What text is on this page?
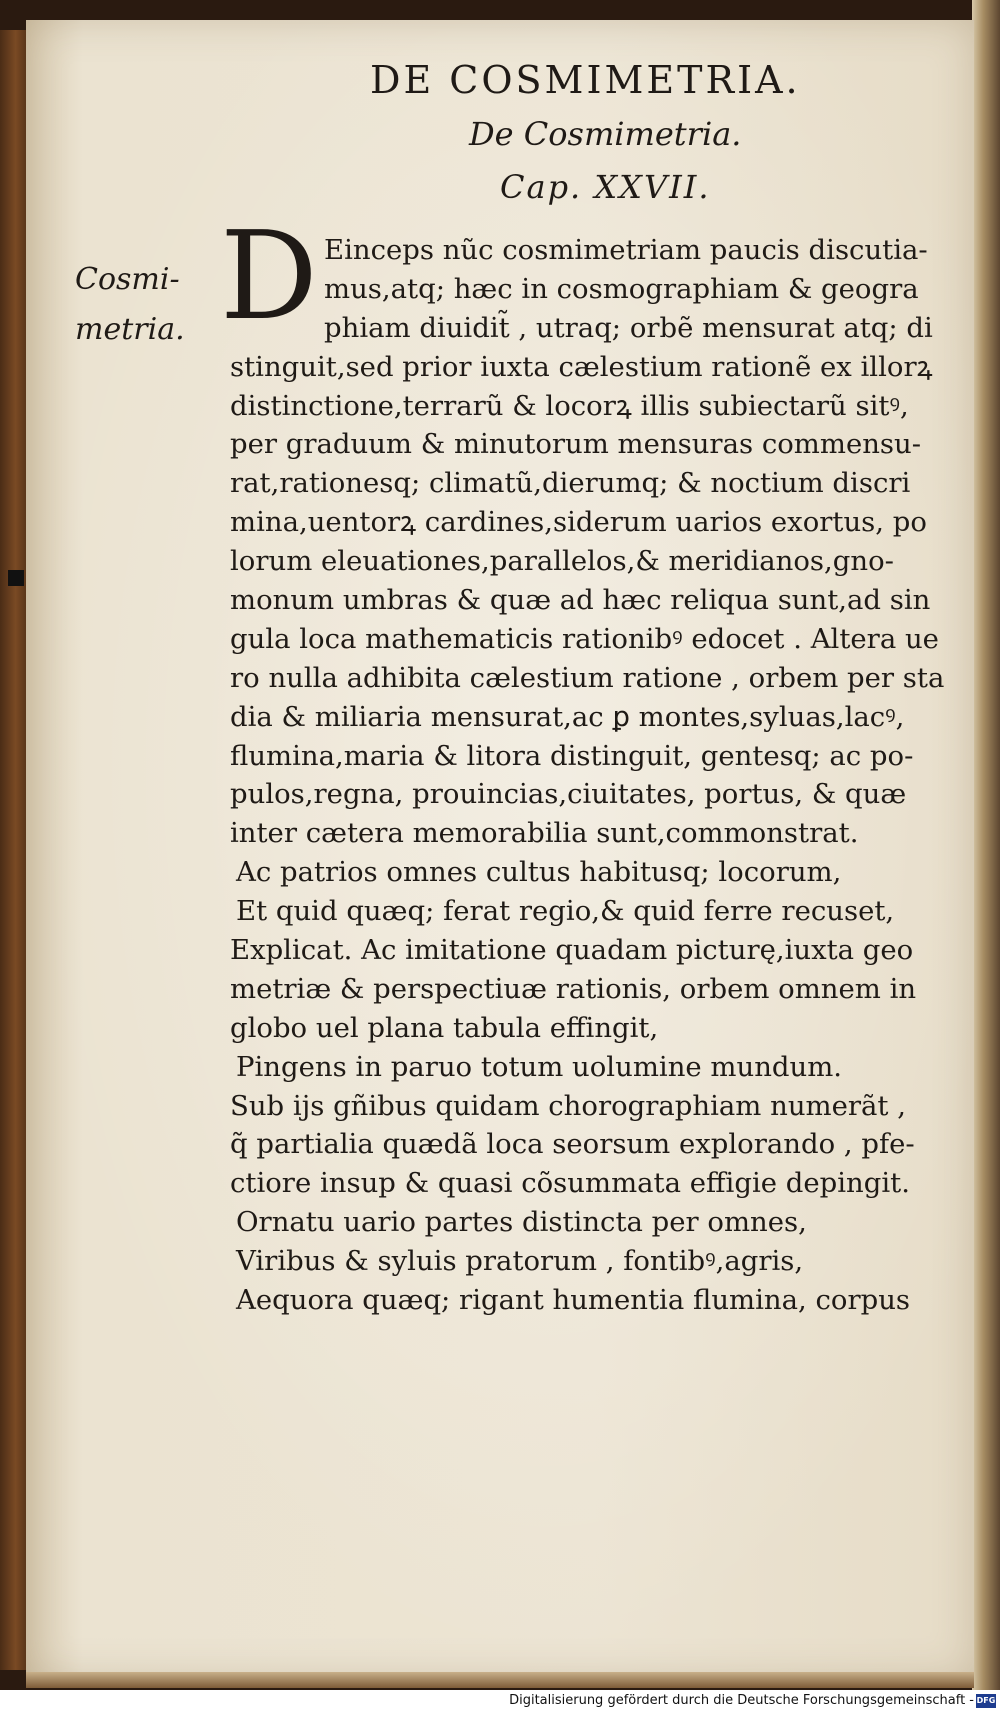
DE COSMIMETRIA.
De Cosmimetria.
Cap. XXVII.
Cosmi-
metria. D Einceps nũc cosmimetriam paucis discutia-
mus,atq; hæc in cosmographiam & geogra
phiam diuidit̃ , utraq; orbẽ mensurat atq; di
stinguit,sed prior iuxta cælestium rationẽ ex illorꝝ
distinctione,terrarũ & locorꝝ illis subiectarũ sitꝰ,
per graduum & minutorum mensuras commensu-
rat,rationesq; climatũ,dierumq; & noctium discri
mina,uentorꝝ cardines,siderum uarios exortus, po
lorum eleuationes,parallelos,& meridianos,gno-
monum umbras & quæ ad hæc reliqua sunt,ad sin
gula loca mathematicis rationibꝰ edocet . Altera ue
ro nulla adhibita cælestium ratione , orbem per sta
dia & miliaria mensurat,ac ꝑ montes,syluas,lacꝰ,
flumina,maria & litora distinguit, gentesq; ac po-
pulos,regna, prouincias,ciuitates, portus, & quæ
inter cætera memorabilia sunt,commonstrat.
Ac patrios omnes cultus habitusq; locorum,
Et quid quæq; ferat regio,& quid ferre recuset,
Explicat. Ac imitatione quadam picturę,iuxta geo
metriæ & perspectiuæ rationis, orbem omnem in
globo uel plana tabula effingit,
Pingens in paruo totum uolumine mundum.
Sub ijs gñibus quidam chorographiam numerãt ,
q̃ partialia quædã loca seorsum explorando , pfe-
ctiore insup & quasi cõsummata effigie depingit.
Ornatu uario partes distincta per omnes,
Viribus & syluis pratorum , fontibꝰ,agris,
Aequora quæq; rigant humentia flumina, corpus
Digitalisierung gefördert durch die Deutsche Forschungsgemeinschaft - DFG
